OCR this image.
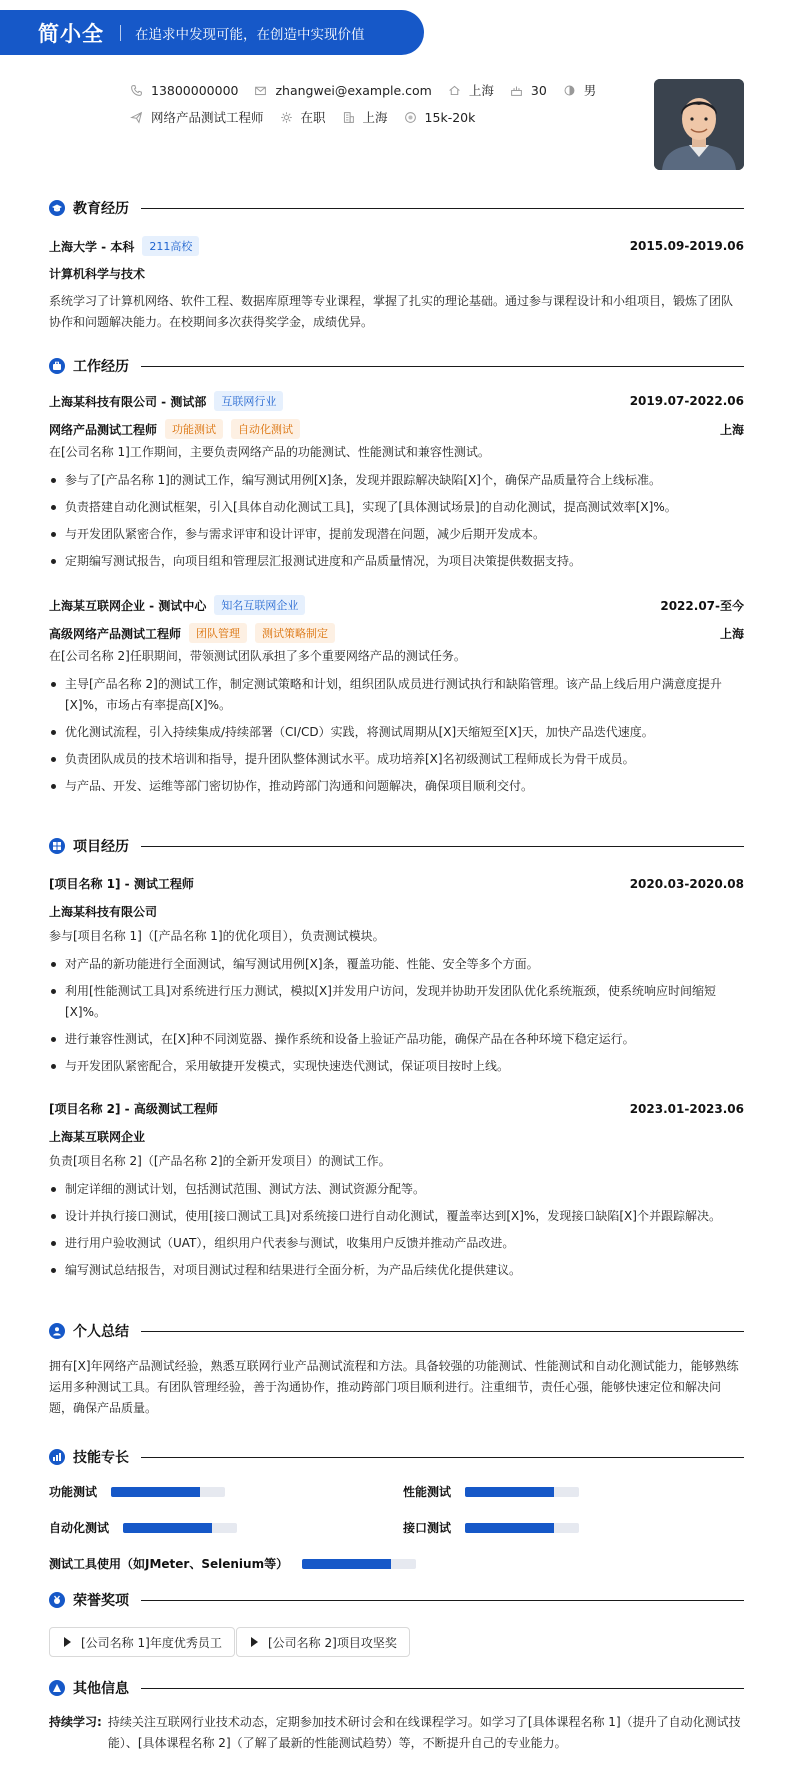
简小全 在追求中发现可能，在创造中实现价值
13800000000	zhangwei@example.com	上海	30	男
网络产品测试工程师	在职	上海	15k-20k
教育经历
上海大学 - 本科	211高校	2015.09-2019.06
计算机科学与技术
系统学习了计算机网络、软件工程、数据库原理等专业课程，掌握了扎实的理论基础。通过参与课程设计和小组项目，锻炼了团队协作和问题解决能力。在校期间多次获得奖学金，成绩优异。
工作经历
上海某科技有限公司 - 测试部	互联网行业	2019.07-2022.06
网络产品测试工程师	功能测试	自动化测试	上海
在[公司名称 1]工作期间，主要负责网络产品的功能测试、性能测试和兼容性测试。
参与了[产品名称 1]的测试工作，编写测试用例[X]条，发现并跟踪解决缺陷[X]个，确保产品质量符合上线标准。
负责搭建自动化测试框架，引入[具体自动化测试工具]，实现了[具体测试场景]的自动化测试，提高测试效率[X]%。
与开发团队紧密合作，参与需求评审和设计评审，提前发现潜在问题，减少后期开发成本。
定期编写测试报告，向项目组和管理层汇报测试进度和产品质量情况，为项目决策提供数据支持。
上海某互联网企业 - 测试中心	知名互联网企业	2022.07-至今
高级网络产品测试工程师	团队管理	测试策略制定	上海
在[公司名称 2]任职期间，带领测试团队承担了多个重要网络产品的测试任务。
主导[产品名称 2]的测试工作，制定测试策略和计划，组织团队成员进行测试执行和缺陷管理。该产品上线后用户满意度提升[X]%，市场占有率提高[X]%。
优化测试流程，引入持续集成/持续部署（CI/CD）实践，将测试周期从[X]天缩短至[X]天，加快产品迭代速度。
负责团队成员的技术培训和指导，提升团队整体测试水平。成功培养[X]名初级测试工程师成长为骨干成员。
与产品、开发、运维等部门密切协作，推动跨部门沟通和问题解决，确保项目顺利交付。
项目经历
[项目名称 1] - 测试工程师	2020.03-2020.08
上海某科技有限公司
参与[项目名称 1]（[产品名称 1]的优化项目），负责测试模块。
对产品的新功能进行全面测试，编写测试用例[X]条，覆盖功能、性能、安全等多个方面。
利用[性能测试工具]对系统进行压力测试，模拟[X]并发用户访问，发现并协助开发团队优化系统瓶颈，使系统响应时间缩短[X]%。
进行兼容性测试，在[X]种不同浏览器、操作系统和设备上验证产品功能，确保产品在各种环境下稳定运行。
与开发团队紧密配合，采用敏捷开发模式，实现快速迭代测试，保证项目按时上线。
[项目名称 2] - 高级测试工程师	2023.01-2023.06
上海某互联网企业
负责[项目名称 2]（[产品名称 2]的全新开发项目）的测试工作。
制定详细的测试计划，包括测试范围、测试方法、测试资源分配等。
设计并执行接口测试，使用[接口测试工具]对系统接口进行自动化测试，覆盖率达到[X]%，发现接口缺陷[X]个并跟踪解决。
进行用户验收测试（UAT），组织用户代表参与测试，收集用户反馈并推动产品改进。
编写测试总结报告，对项目测试过程和结果进行全面分析，为产品后续优化提供建议。
个人总结
拥有[X]年网络产品测试经验，熟悉互联网行业产品测试流程和方法。具备较强的功能测试、性能测试和自动化测试能力，能够熟练运用多种测试工具。有团队管理经验，善于沟通协作，推动跨部门项目顺利进行。注重细节，责任心强，能够快速定位和解决问题，确保产品质量。
技能专长
功能测试	性能测试
自动化测试	接口测试
测试工具使用（如JMeter、Selenium等）
荣誉奖项
[公司名称 1]年度优秀员工	[公司名称 2]项目攻坚奖
其他信息
持续学习: 持续关注互联网行业技术动态，定期参加技术研讨会和在线课程学习。如学习了[具体课程名称 1]（提升了自动化测试技能）、[具体课程名称 2]（了解了最新的性能测试趋势）等，不断提升自己的专业能力。
